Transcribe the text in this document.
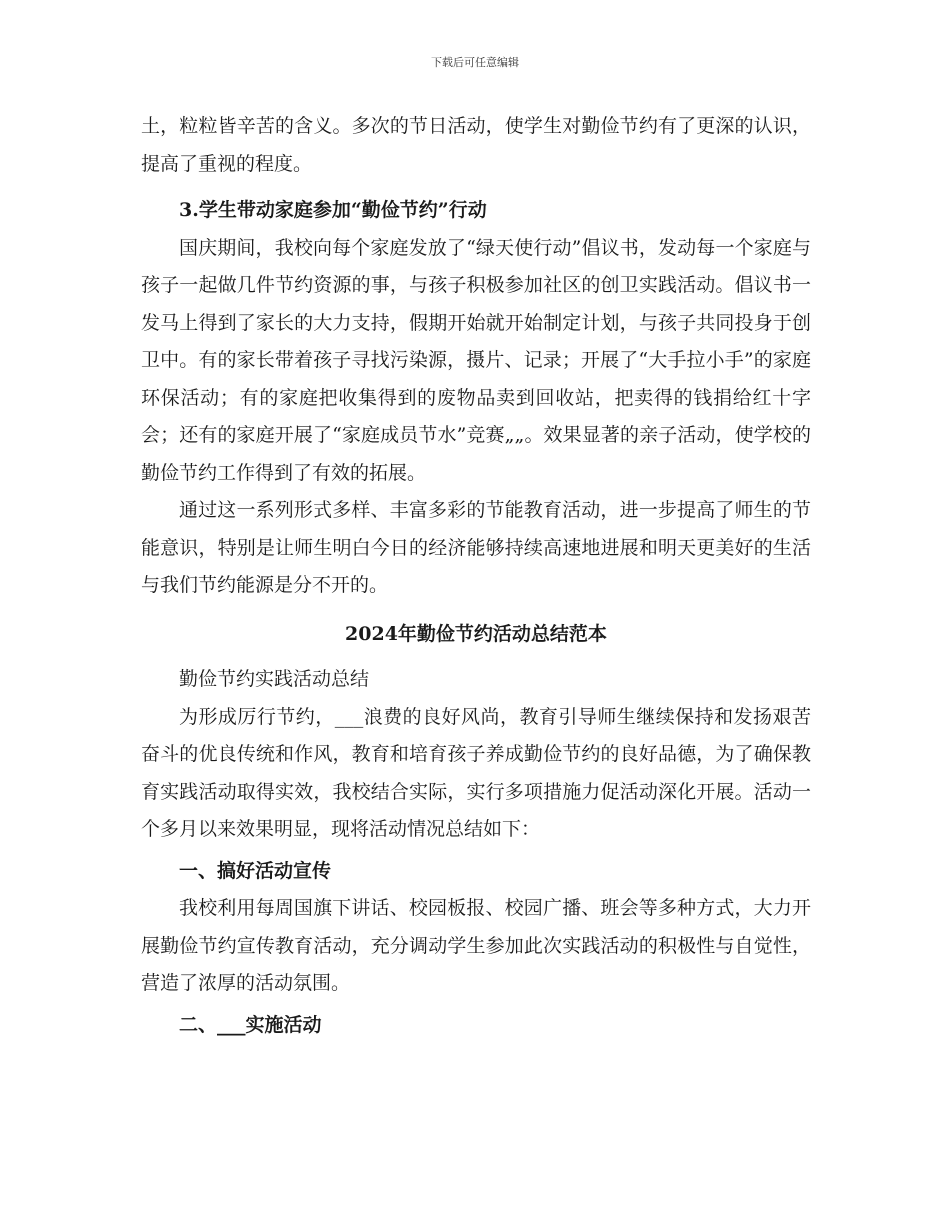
下载后可任意编辑

土，粒粒皆辛苦的含义。多次的节日活动，使学生对勤俭节约有了更深的认识，提高了重视的程度。

3.学生带动家庭参加“勤俭节约”行动

国庆期间，我校向每个家庭发放了“绿天使行动”倡议书，发动每一个家庭与孩子一起做几件节约资源的事，与孩子积极参加社区的创卫实践活动。倡议书一发马上得到了家长的大力支持，假期开始就开始制定计划，与孩子共同投身于创卫中。有的家长带着孩子寻找污染源，摄片、记录；开展了“大手拉小手”的家庭环保活动；有的家庭把收集得到的废物品卖到回收站，把卖得的钱捐给红十字会；还有的家庭开展了“家庭成员节水”竞赛„„。效果显著的亲子活动，使学校的勤俭节约工作得到了有效的拓展。

通过这一系列形式多样、丰富多彩的节能教育活动，进一步提高了师生的节能意识，特别是让师生明白今日的经济能够持续高速地进展和明天更美好的生活与我们节约能源是分不开的。

2024年勤俭节约活动总结范本

勤俭节约实践活动总结

为形成厉行节约，___浪费的良好风尚，教育引导师生继续保持和发扬艰苦奋斗的优良传统和作风，教育和培育孩子养成勤俭节约的良好品德，为了确保教育实践活动取得实效，我校结合实际，实行多项措施力促活动深化开展。活动一个多月以来效果明显，现将活动情况总结如下：

一、搞好活动宣传

我校利用每周国旗下讲话、校园板报、校园广播、班会等多种方式，大力开展勤俭节约宣传教育活动，充分调动学生参加此次实践活动的积极性与自觉性，营造了浓厚的活动氛围。

二、___实施活动
